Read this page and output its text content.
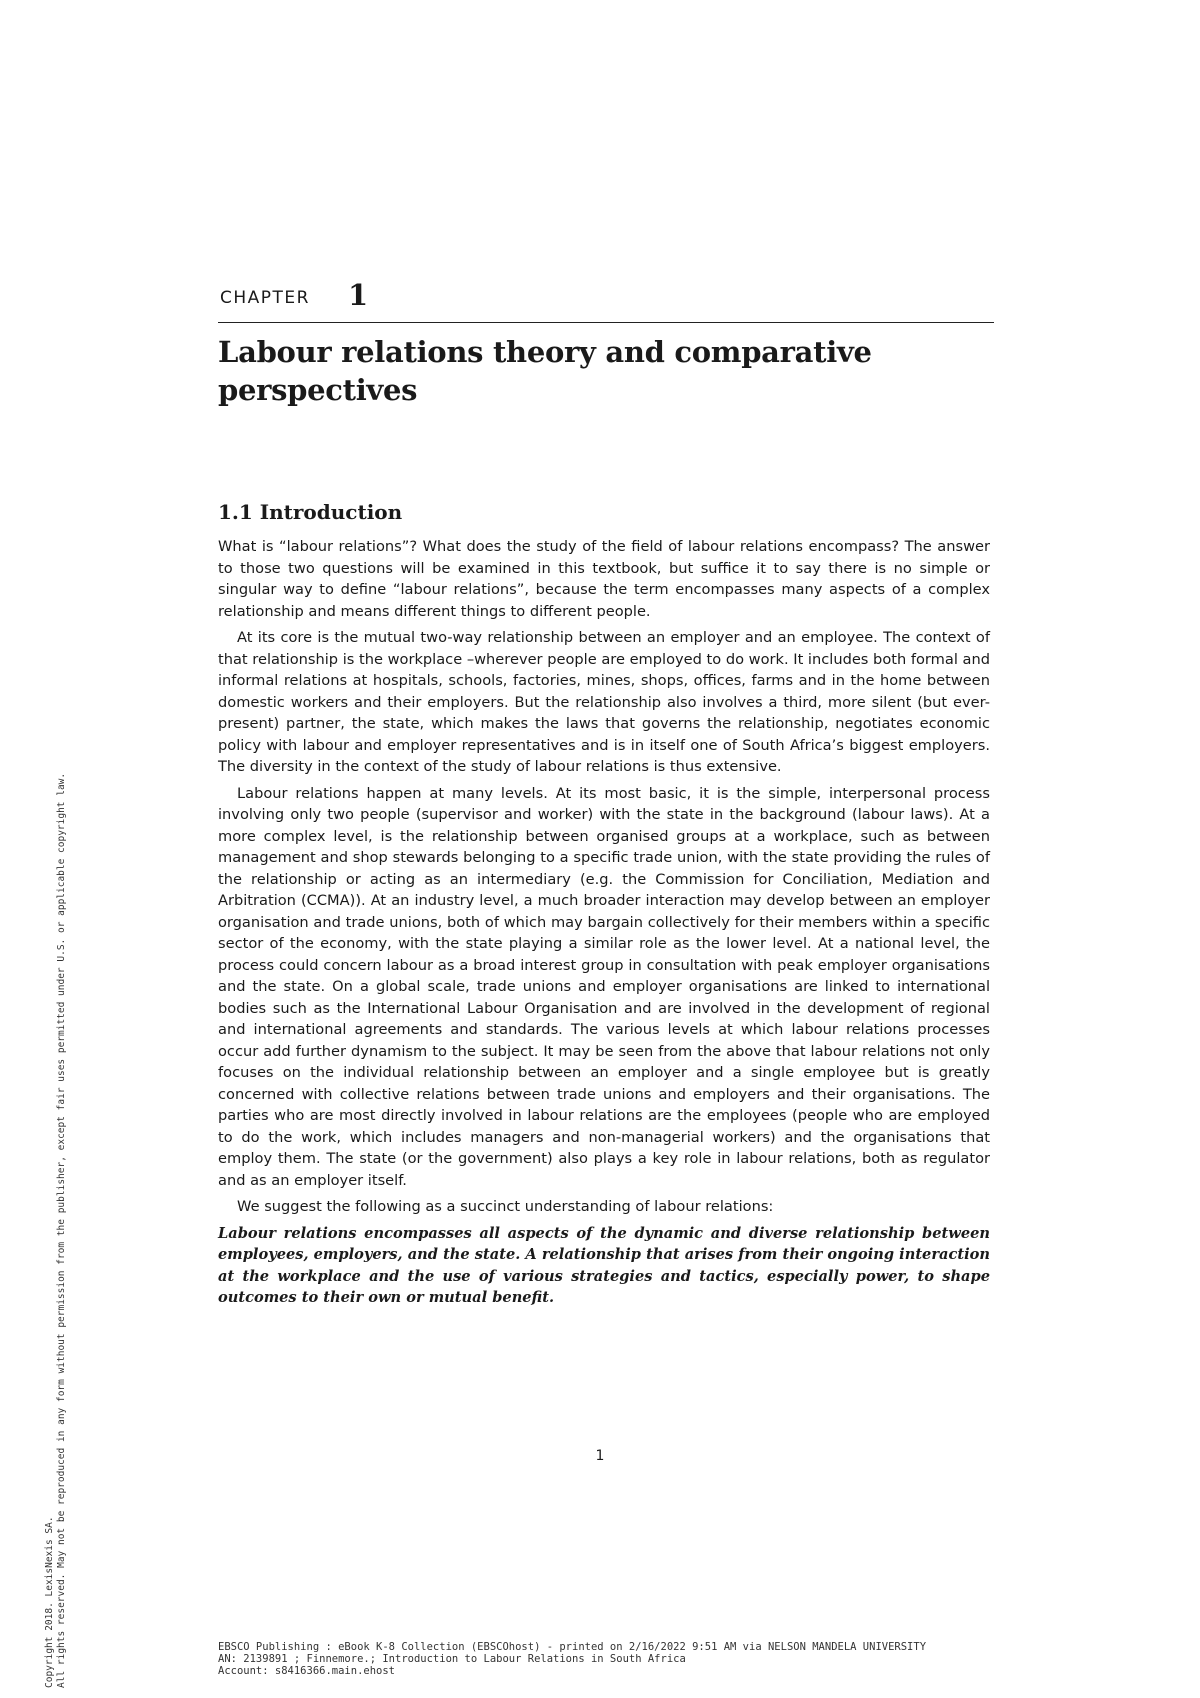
CHAPTER 1
Labour relations theory and comparative perspectives
1.1 Introduction

What is “labour relations”? What does the study of the field of labour relations encompass? The answer to those two questions will be examined in this textbook, but suffice it to say there is no simple or singular way to define “labour relations”, because the term encompasses many aspects of a complex relationship and means different things to different people.

At its core is the mutual two-way relationship between an employer and an employee. The context of that relationship is the workplace –wherever people are employed to do work. It includes both formal and informal relations at hospitals, schools, factories, mines, shops, offices, farms and in the home between domestic workers and their employers. But the relationship also involves a third, more silent (but ever-present) partner, the state, which makes the laws that governs the relationship, negotiates economic policy with labour and employer representatives and is in itself one of South Africa’s biggest employers. The diversity in the context of the study of labour relations is thus extensive.

Labour relations happen at many levels. At its most basic, it is the simple, interpersonal process involving only two people (supervisor and worker) with the state in the background (labour laws). At a more complex level, is the relationship between organised groups at a workplace, such as between management and shop stewards belonging to a specific trade union, with the state providing the rules of the relationship or acting as an intermediary (e.g. the Commission for Conciliation, Mediation and Arbitration (CCMA)). At an industry level, a much broader interaction may develop between an employer organisation and trade unions, both of which may bargain collectively for their members within a specific sector of the economy, with the state playing a similar role as the lower level. At a national level, the process could concern labour as a broad interest group in consultation with peak employer organisations and the state. On a global scale, trade unions and employer organisations are linked to international bodies such as the International Labour Organisation and are involved in the development of regional and international agreements and standards. The various levels at which labour relations processes occur add further dynamism to the subject. It may be seen from the above that labour relations not only focuses on the individual relationship between an employer and a single employee but is greatly concerned with collective relations between trade unions and employers and their organisations. The parties who are most directly involved in labour relations are the employees (people who are employed to do the work, which includes managers and non-managerial workers) and the organisations that employ them. The state (or the government) also plays a key role in labour relations, both as regulator and as an employer itself.

We suggest the following as a succinct understanding of labour relations:

Labour relations encompasses all aspects of the dynamic and diverse relationship between employees, employers, and the state. A relationship that arises from their ongoing interaction at the workplace and the use of various strategies and tactics, especially power, to shape outcomes to their own or mutual benefit.

1
Copyright 2018. LexisNexis SA. All rights reserved. May not be reproduced in any form without permission from the publisher, except fair uses permitted under U.S. or applicable copyright law.	EBSCO Publishing : eBook K-8 Collection (EBSCOhost) - printed on 2/16/2022 9:51 AM via NELSON MANDELA UNIVERSITY
AN: 2139891 ; Finnemore.; Introduction to Labour Relations in South Africa
Account: s8416366.main.ehost
